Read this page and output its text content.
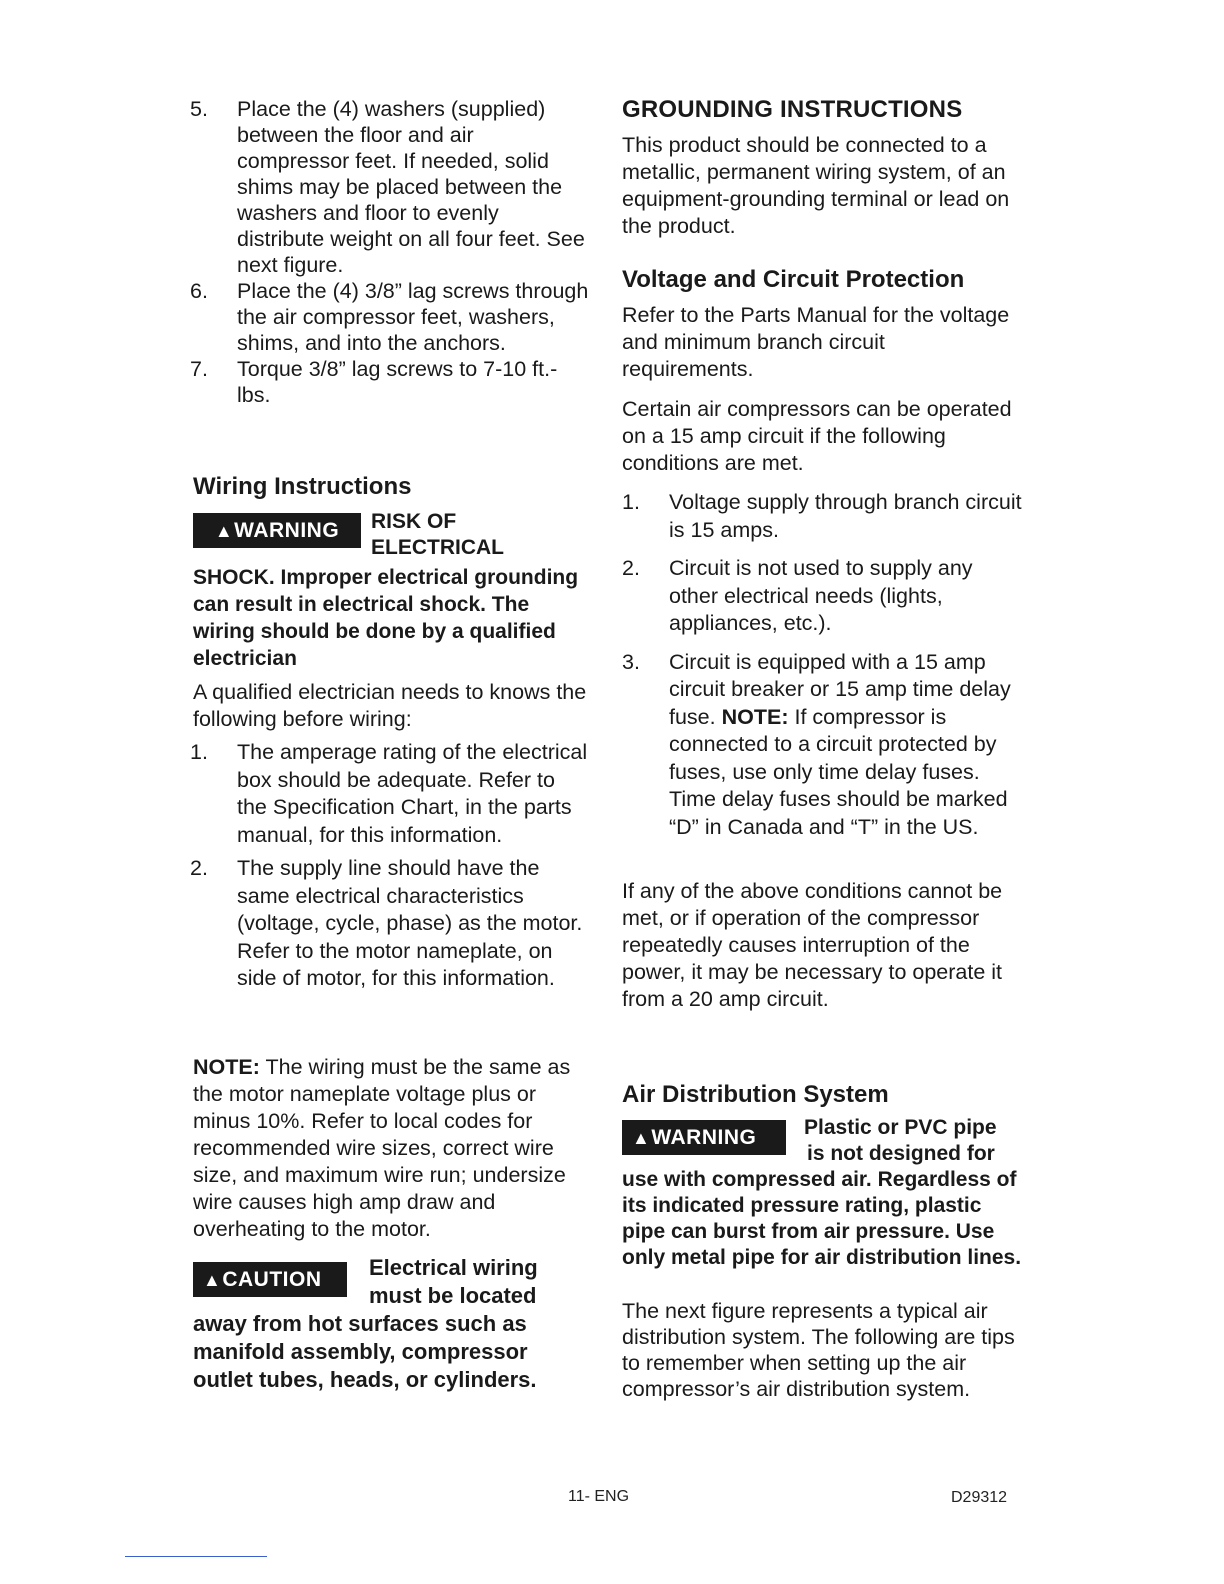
5. Place the (4) washers (supplied) between the floor and air compressor feet. If needed, solid shims may be placed between the washers and floor to evenly distribute weight on all four feet. See next figure.
6. Place the (4) 3/8” lag screws through the air compressor feet, washers, shims, and into the anchors.
7. Torque 3/8” lag screws to 7-10 ft.-lbs.
Wiring Instructions
▲WARNING	RISK OF
ELECTRICAL

SHOCK. Improper electrical grounding can result in electrical shock. The wiring should be done by a qualified electrician

A qualified electrician needs to knows the following before wiring:

1. The amperage rating of the electrical box should be adequate. Refer to the Specification Chart, in the parts manual, for this information.
2. The supply line should have the same electrical characteristics (voltage, cycle, phase) as the motor. Refer to the motor nameplate, on side of motor, for this information.

NOTE: The wiring must be the same as the motor nameplate voltage plus or minus 10%. Refer to local codes for recommended wire sizes, correct wire size, and maximum wire run; undersize wire causes high amp draw and overheating to the motor.

▲CAUTION	Electrical wiring
must be located

away from hot surfaces such as manifold assembly, compressor outlet tubes, heads, or cylinders.

GROUNDING INSTRUCTIONS

This product should be connected to a metallic, permanent wiring system, of an equipment-grounding terminal or lead on the product.

Voltage and Circuit Protection

Refer to the Parts Manual for the voltage and minimum branch circuit requirements.

Certain air compressors can be operated on a 15 amp circuit if the following conditions are met.

1. Voltage supply through branch circuit is 15 amps.
2. Circuit is not used to supply any other electrical needs (lights, appliances, etc.).
3. Circuit is equipped with a 15 amp circuit breaker or 15 amp time delay fuse. NOTE: If compressor is connected to a circuit protected by fuses, use only time delay fuses. Time delay fuses should be marked “D” in Canada and “T” in the US.

If any of the above conditions cannot be met, or if operation of the compressor repeatedly causes interruption of the power, it may be necessary to operate it from a 20 amp circuit.

Air Distribution System
▲WARNING	Plastic or PVC pipe
is not designed for

use with compressed air. Regardless of its indicated pressure rating, plastic pipe can burst from air pressure. Use only metal pipe for air distribution lines.

The next figure represents a typical air distribution system. The following are tips to remember when setting up the air compressor’s air distribution system.

11- ENG	D29312
